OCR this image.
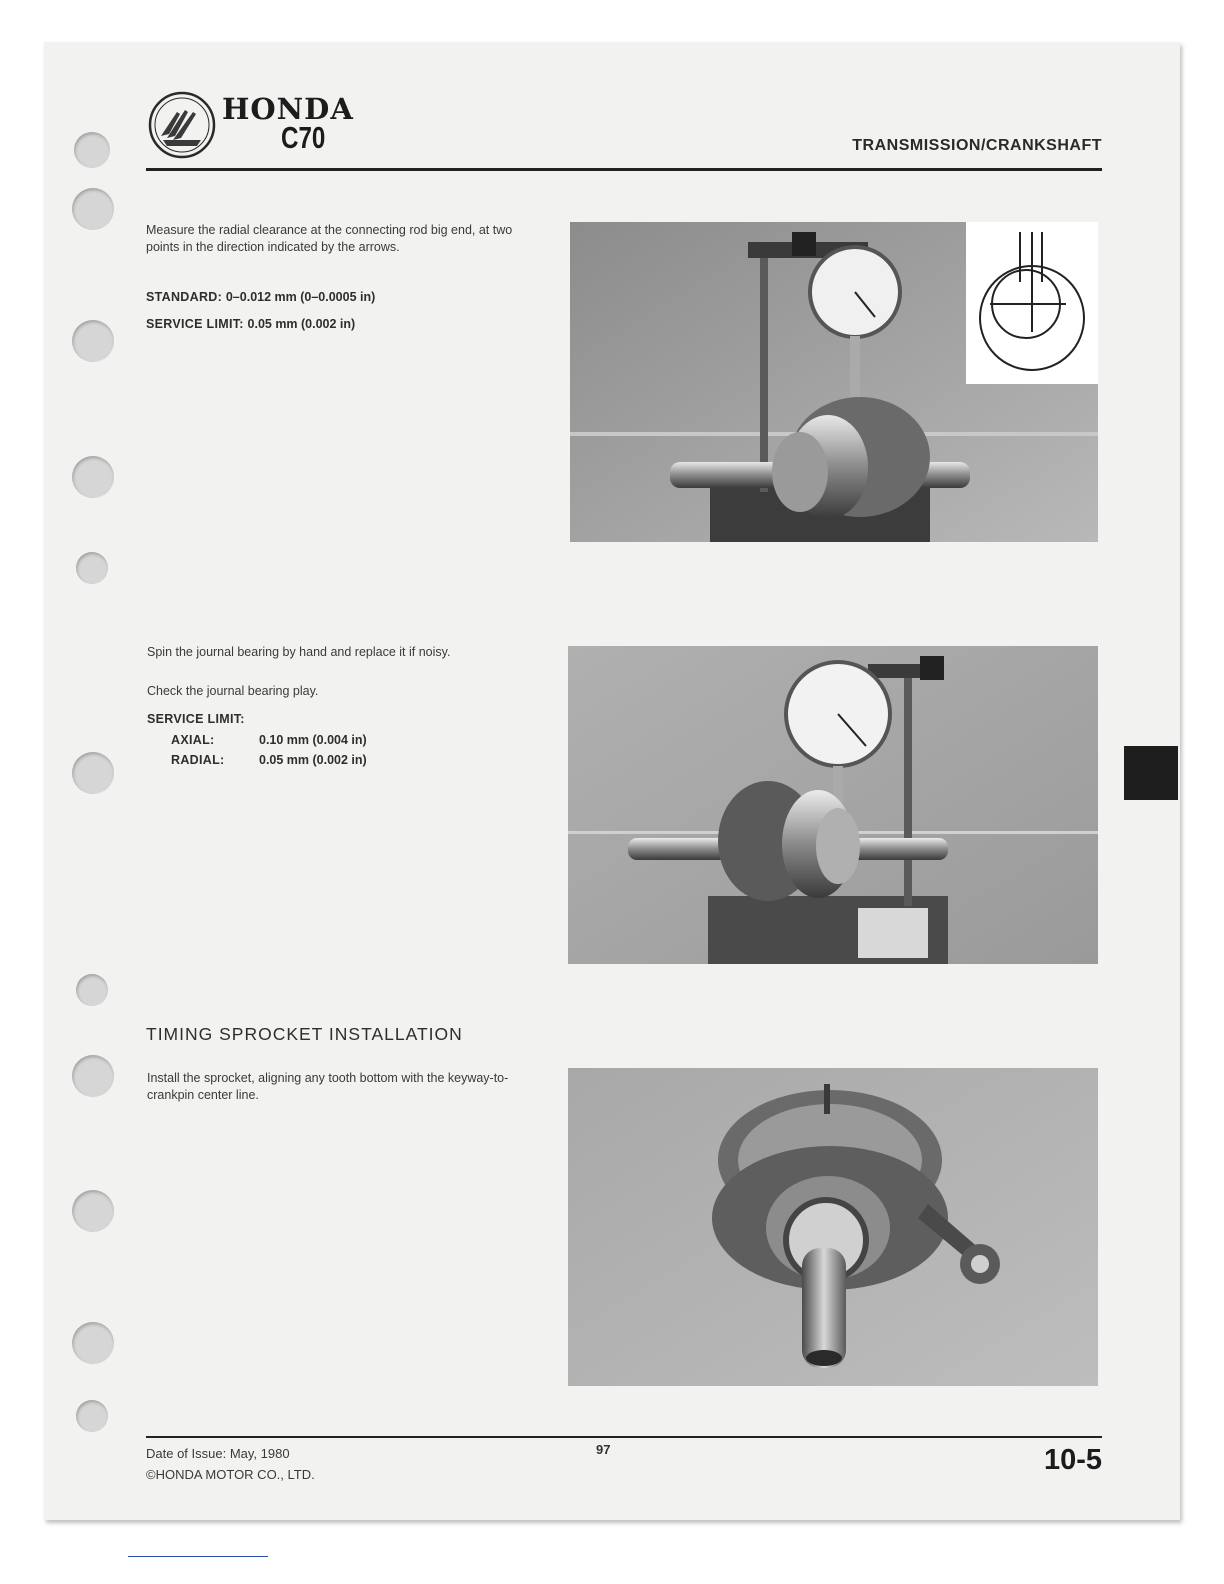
HONDA
C70	TRANSMISSION/CRANKSHAFT
Measure the radial clearance at the connecting rod big end, at two points in the direction indicated by the arrows.
STANDARD: 0–0.012 mm (0–0.0005 in)
SERVICE LIMIT: 0.05 mm (0.002 in)
Spin the journal bearing by hand and replace it if noisy.
Check the journal bearing play.
SERVICE LIMIT:
AXIAL:	0.10 mm (0.004 in)
RADIAL:	0.05 mm (0.002 in)
TIMING SPROCKET INSTALLATION
Install the sprocket, aligning any tooth bottom with the keyway-to-crankpin center line.
Date of Issue: May, 1980
©HONDA MOTOR CO., LTD.
97	10-5
